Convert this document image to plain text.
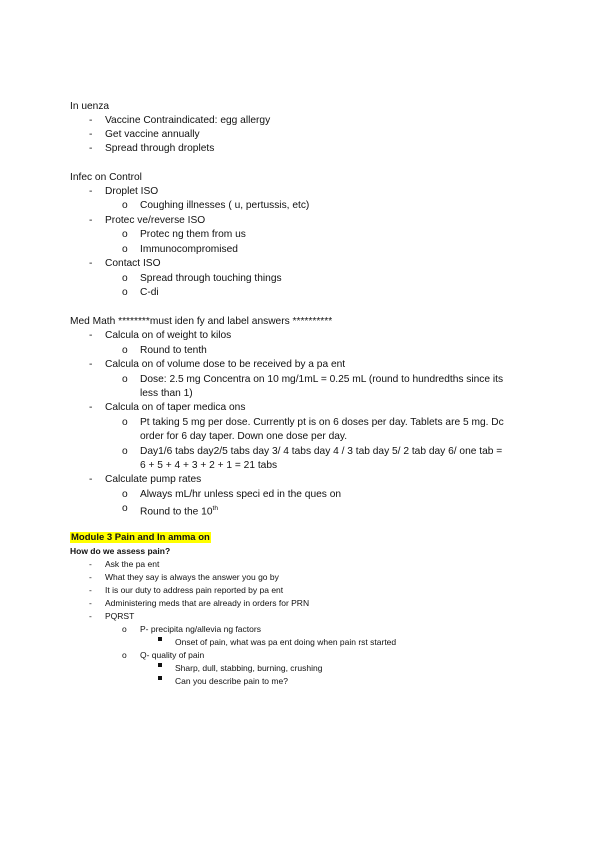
In uenza
- Vaccine Contraindicated: egg allergy
- Get vaccine annually
- Spread through droplets
Infec on Control
- Droplet ISO
o Coughing illnesses ( u, pertussis, etc)
- Protec ve/reverse ISO
o Protec ng them from us
o Immunocompromised
- Contact ISO
o Spread through touching things
o C-di
Med Math ********must iden fy and label answers **********
- Calcula on of weight to kilos
o Round to tenth
- Calcula on of volume dose to be received by a pa ent
o Dose: 2.5 mg Concentra on 10 mg/1mL = 0.25 mL (round to hundredths since its
less than 1)
- Calcula on of taper medica ons
o Pt taking 5 mg per dose. Currently pt is on 6 doses per day. Tablets are 5 mg. Dc
order for 6 day taper. Down one dose per day.
o Day1/6 tabs day2/5 tabs day 3/ 4 tabs day 4 / 3 tab day 5/ 2 tab day 6/ one tab =
6 + 5 + 4 + 3 + 2 + 1 = 21 tabs
- Calculate pump rates
o Always mL/hr unless speci ed in the ques on
o Round to the 10th
Module 3 Pain and In amma on
How do we assess pain?
- Ask the pa ent
- What they say is always the answer you go by
- It is our duty to address pain reported by pa ent
- Administering meds that are already in orders for PRN
- PQRST
o P- precipita ng/allevia ng factors
Onset of pain, what was pa ent doing when pain rst started
o Q- quality of pain
Sharp, dull, stabbing, burning, crushing
Can you describe pain to me?
